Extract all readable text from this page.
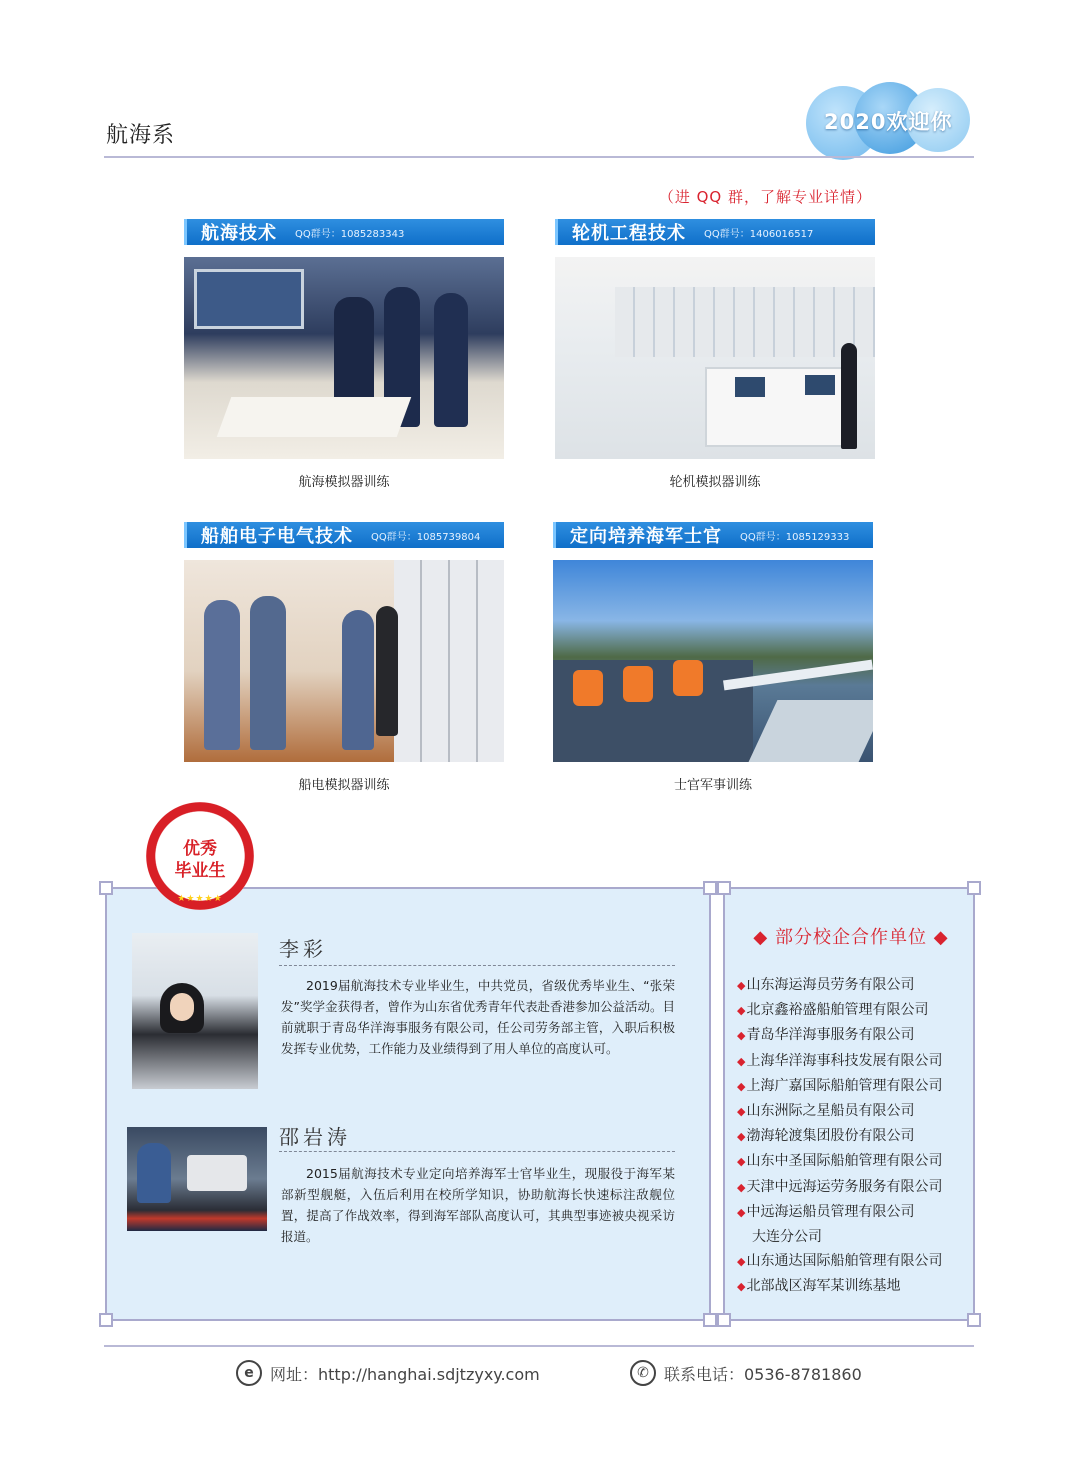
航海系
2020欢迎你
（进 QQ 群，了解专业详情）
航海技术 QQ群号：1085283343
航海模拟器训练
轮机工程技术 QQ群号：1406016517
轮机模拟器训练
船舶电子电气技术 QQ群号：1085739804
船电模拟器训练
定向培养海军士官 QQ群号：1085129333
士官军事训练
李彩
2019届航海技术专业毕业生，中共党员，省级优秀毕业生、“张荣发”奖学金获得者，曾作为山东省优秀青年代表赴香港参加公益活动。目前就职于青岛华洋海事服务有限公司，任公司劳务部主管，入职后积极发挥专业优势，工作能力及业绩得到了用人单位的高度认可。
邵岩涛
2015届航海技术专业定向培养海军士官毕业生，现服役于海军某部新型舰艇，入伍后利用在校所学知识，协助航海长快速标注敌舰位置，提高了作战效率，得到海军部队高度认可，其典型事迹被央视采访报道。
优秀
毕业生
★★★★★
◆ 部分校企合作单位 ◆
◆山东海运海员劳务有限公司
◆北京鑫裕盛船舶管理有限公司
◆青岛华洋海事服务有限公司
◆上海华洋海事科技发展有限公司
◆上海广嘉国际船舶管理有限公司
◆山东洲际之星船员有限公司
◆渤海轮渡集团股份有限公司
◆山东中圣国际船舶管理有限公司
◆天津中远海运劳务服务有限公司
◆中远海运船员管理有限公司
大连分公司
◆山东通达国际船舶管理有限公司
◆北部战区海军某训练基地
e	网址：http://hanghai.sdjtzyxy.com	✆ 联系电话：0536-8781860
